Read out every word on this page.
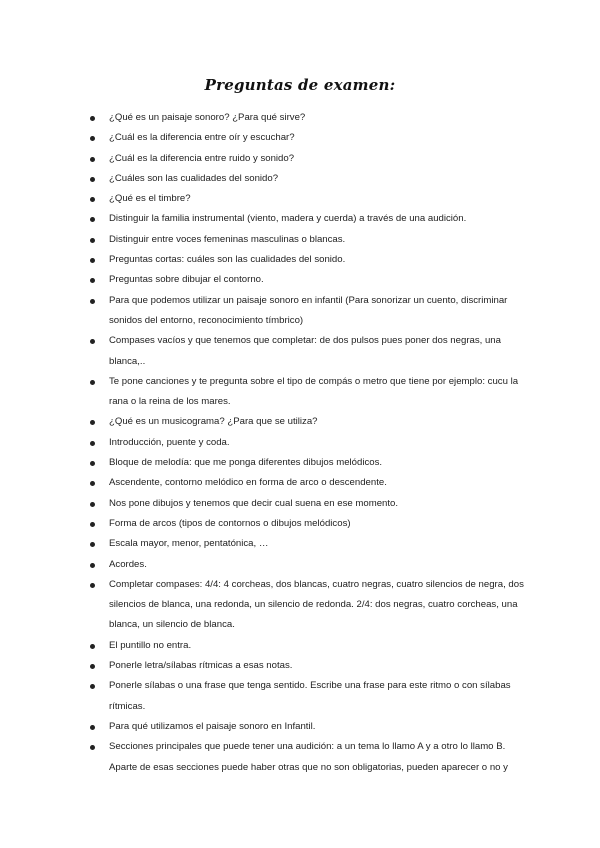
Preguntas de examen:
¿Qué es un paisaje sonoro? ¿Para qué sirve?
¿Cuál es la diferencia entre oír y escuchar?
¿Cuál es la diferencia entre ruido y sonido?
¿Cuáles son las cualidades del sonido?
¿Qué es el timbre?
Distinguir la familia instrumental (viento, madera y cuerda) a través de una audición.
Distinguir entre voces femeninas masculinas o blancas.
Preguntas cortas: cuáles son las cualidades del sonido.
Preguntas sobre dibujar el contorno.
Para que podemos utilizar un paisaje sonoro en infantil (Para sonorizar un cuento, discriminar sonidos del entorno, reconocimiento tímbrico)
Compases vacíos y que tenemos que completar: de dos pulsos pues poner dos negras, una blanca,..
Te pone canciones y te pregunta sobre el tipo de compás o metro que tiene por ejemplo: cucu la rana o la reina de los mares.
¿Qué es un musicograma? ¿Para que se utiliza?
Introducción, puente y coda.
Bloque de melodía: que me ponga diferentes dibujos melódicos.
Ascendente, contorno melódico en forma de arco o descendente.
Nos pone dibujos y tenemos que decir cual suena en ese momento.
Forma de arcos (tipos de contornos o dibujos melódicos)
Escala mayor, menor, pentatónica, …
Acordes.
Completar compases: 4/4: 4 corcheas, dos blancas, cuatro negras, cuatro silencios de negra, dos silencios de blanca, una redonda, un silencio de redonda. 2/4: dos negras, cuatro corcheas, una blanca, un silencio de blanca.
El puntillo no entra.
Ponerle letra/sílabas rítmicas a esas notas.
Ponerle sílabas o una frase que tenga sentido. Escribe una frase para este ritmo o con sílabas rítmicas.
Para qué utilizamos el paisaje sonoro en Infantil.
Secciones principales que puede tener una audición: a un tema lo llamo A y a otro lo llamo B. Aparte de esas secciones puede haber otras que no son obligatorias, pueden aparecer o no y
